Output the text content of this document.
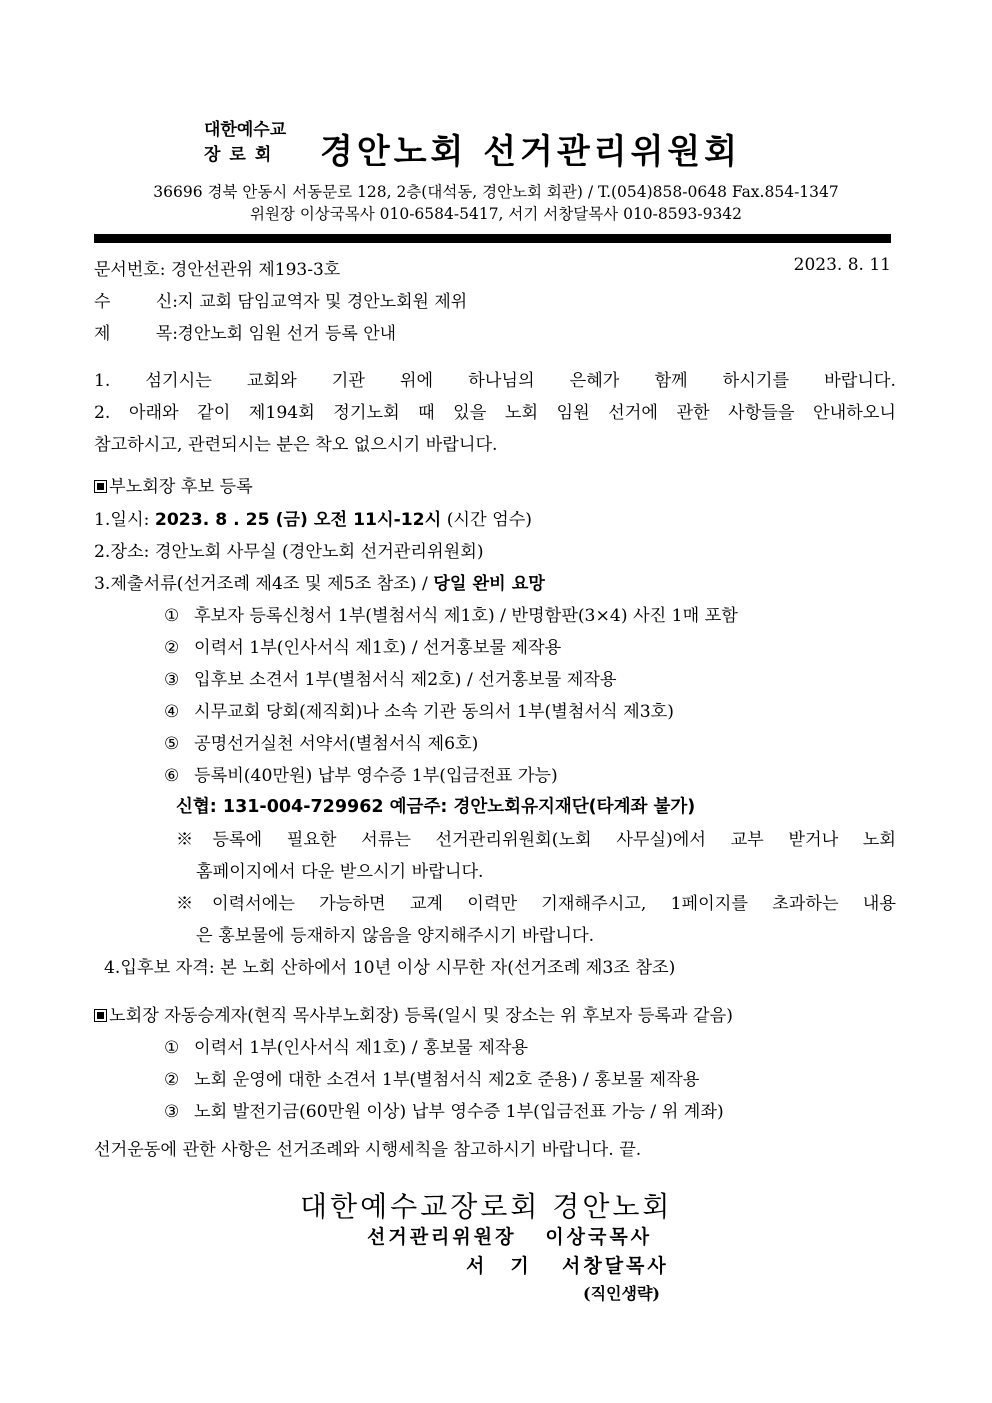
대한예수교
장로회	경안노회 선거관리위원회
36696 경북 안동시 서동문로 128, 2층(대석동, 경안노회 회관) / T.(054)858-0648 Fax.854-1347
위원장 이상국목사 010-6584-5417, 서기 서창달목사 010-8593-9342
문서번호: 경안선관위 제193-3호	2023. 8. 11
수 신: 지 교회 담임교역자 및 경안노회원 제위
제 목: 경안노회 임원 선거 등록 안내
1. 섬기시는 교회와 기관 위에 하나님의 은혜가 함께 하시기를 바랍니다.
2. 아래와 같이 제194회 정기노회 때 있을 노회 임원 선거에 관한 사항들을 안내하오니
참고하시고, 관련되시는 분은 착오 없으시기 바랍니다.
부노회장 후보 등록
1.일시: 2023. 8 . 25 (금) 오전 11시-12시 (시간 엄수)
2.장소: 경안노회 사무실 (경안노회 선거관리위원회)
3.제출서류(선거조례 제4조 및 제5조 참조) / 당일 완비 요망
① 후보자 등록신청서 1부(별첨서식 제1호) / 반명함판(3×4) 사진 1매 포함
② 이력서 1부(인사서식 제1호) / 선거홍보물 제작용
③ 입후보 소견서 1부(별첨서식 제2호) / 선거홍보물 제작용
④ 시무교회 당회(제직회)나 소속 기관 동의서 1부(별첨서식 제3호)
⑤ 공명선거실천 서약서(별첨서식 제6호)
⑥ 등록비(40만원) 납부 영수증 1부(입금전표 가능)
신협: 131-004-729962 예금주: 경안노회유지재단(타계좌 불가)
※등록에 필요한 서류는 선거관리위원회(노회 사무실)에서 교부 받거나 노회
홈페이지에서 다운 받으시기 바랍니다.
※이력서에는 가능하면 교계 이력만 기재해주시고, 1페이지를 초과하는 내용
은 홍보물에 등재하지 않음을 양지해주시기 바랍니다.
4.입후보 자격: 본 노회 산하에서 10년 이상 시무한 자(선거조례 제3조 참조)
노회장 자동승계자(현직 목사부노회장) 등록(일시 및 장소는 위 후보자 등록과 같음)
① 이력서 1부(인사서식 제1호) / 홍보물 제작용
② 노회 운영에 대한 소견서 1부(별첨서식 제2호 준용) / 홍보물 제작용
③ 노회 발전기금(60만원 이상) 납부 영수증 1부(입금전표 가능 / 위 계좌)
선거운동에 관한 사항은 선거조례와 시행세칙을 참고하시기 바랍니다. 끝.
대한예수교장로회 경안노회
선거관리위원장   이상국목사
서기 서창달목사
(직인생략)
